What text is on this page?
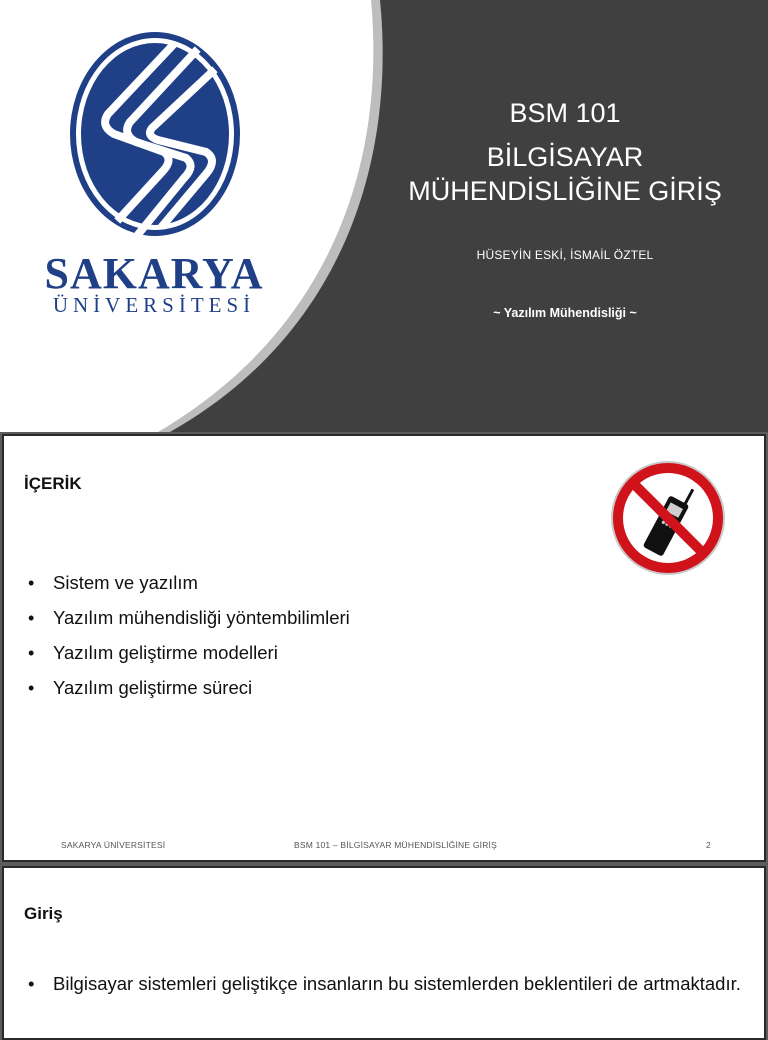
SAKARYA
ÜNİVERSİTESİ
BSM 101
BİLGİSAYAR MÜHENDİSLİĞİNE GİRİŞ
HÜSEYİN ESKİ, İSMAİL ÖZTEL
~ Yazılım Mühendisliği ~
İÇERİK
• Sistem ve yazılım
• Yazılım mühendisliği yöntembilimleri
• Yazılım geliştirme modelleri
• Yazılım geliştirme süreci
SAKARYA ÜNİVERSİTESİ	BSM 101 – BİLGİSAYAR MÜHENDİSLİĞİNE GİRİŞ	2
Giriş

• Bilgisayar sistemleri geliştikçe insanların bu sistemlerden beklentileri de artmaktadır.
